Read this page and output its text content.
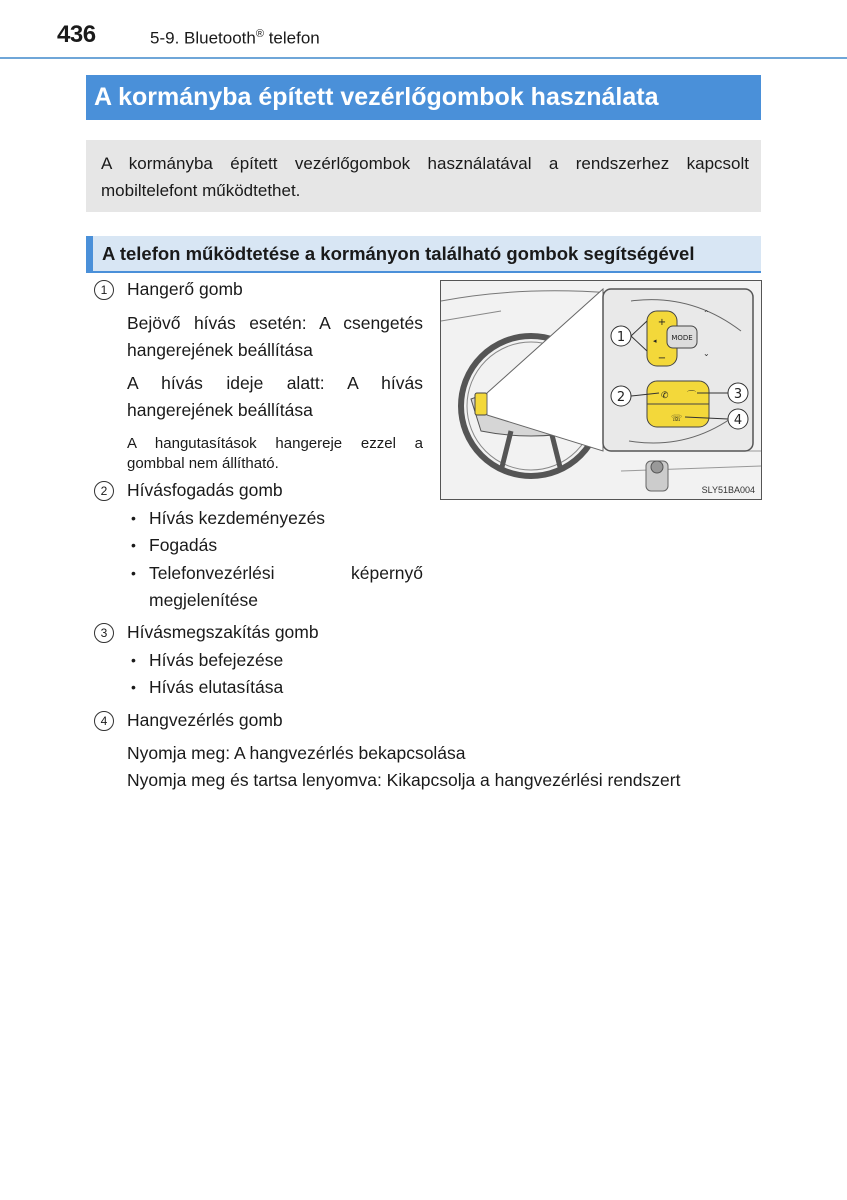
436	5-9. Bluetooth® telefon
A kormányba épített vezérlőgombok használata

A kormányba épített vezérlőgombok használatával a rendszerhez kapcsolt mobiltelefont működtethet.

A telefon működtetése a kormányon található gombok segítségével
1	Hangerő gomb
Bejövő hívás esetén: A csengetés hangerejének beállítása
A hívás ideje alatt: A hívás hangerejének beállítása
A hangutasítások hangereje ezzel a gombbal nem állítható.
2	Hívásfogadás gomb
• Hívás kezdeményezés
• Fogadás
• Telefonvezérlési képernyő megjelenítése
3	Hívásmegszakítás gomb
• Hívás befejezése
• Hívás elutasítása
4	Hangvezérlés gomb
Nyomja meg: A hangvezérlés bekapcsolása
Nyomja meg és tartsa lenyomva: Kikapcsolja a hangvezérlési rendszert
+
−
◂ MODE
⌃
⌄
✆ ⌒
☏
1
2	3
4
SLY51BA004
